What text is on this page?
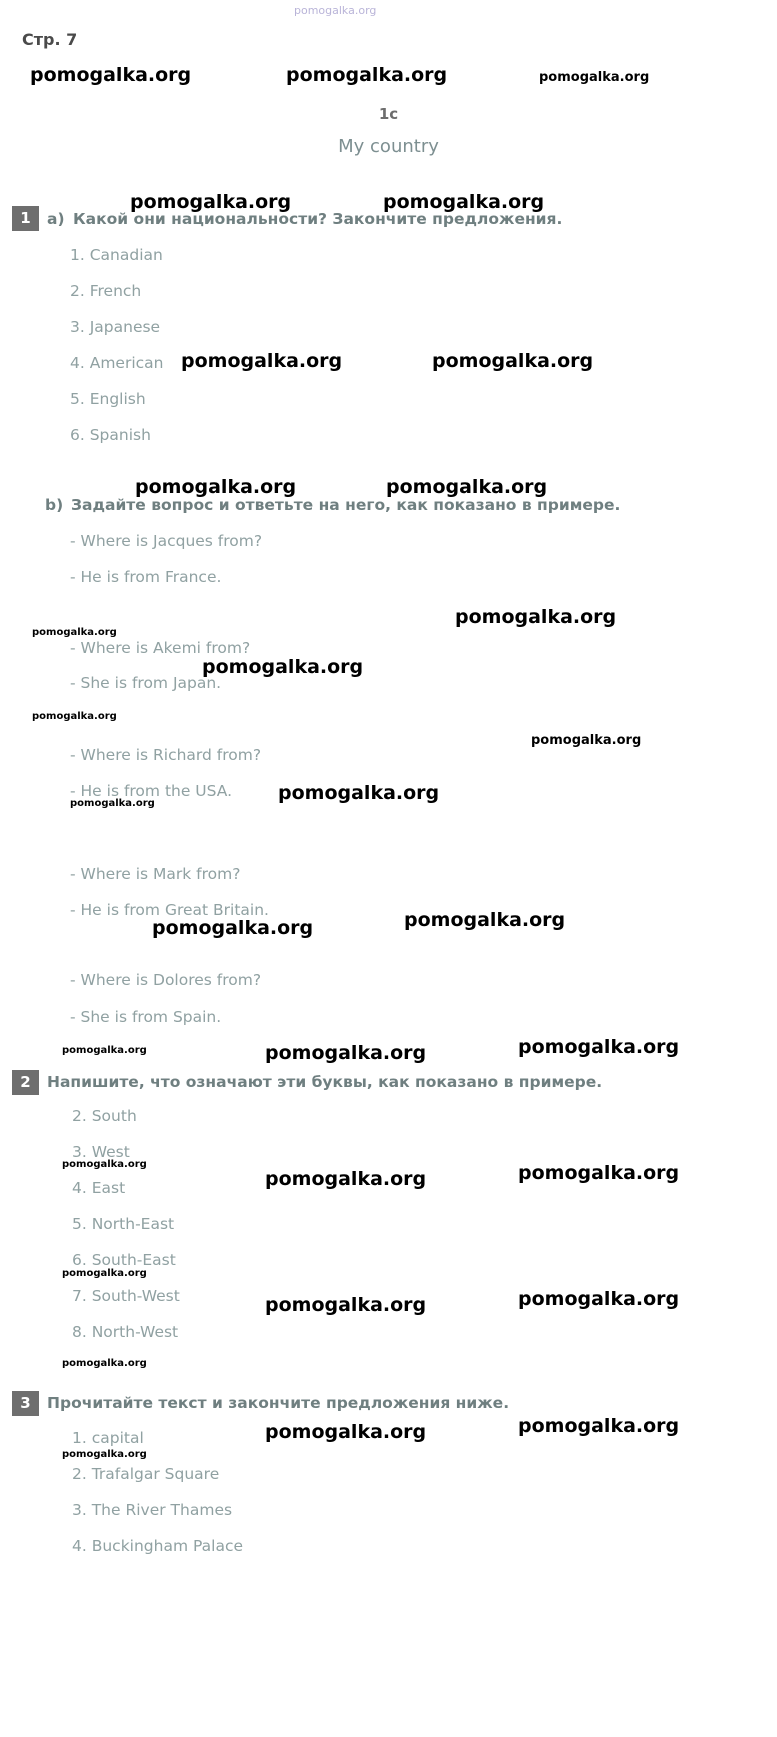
pomogalka.org
pomogalka.org	pomogalka.org	pomogalka.org
pomogalka.org	pomogalka.org
pomogalka.org	pomogalka.org
pomogalka.org	pomogalka.org
pomogalka.org
pomogalka.org
pomogalka.org
pomogalka.org
pomogalka.org
pomogalka.org
pomogalka.org
pomogalka.org
pomogalka.org
pomogalka.org	pomogalka.org	pomogalka.org
pomogalka.org
pomogalka.org	pomogalka.org
pomogalka.org
pomogalka.org	pomogalka.org
pomogalka.org
pomogalka.org	pomogalka.org
pomogalka.org
Стр. 7
1c
My country
1	a) Какой они национальности? Закончите предложения.
1. Canadian
2. French
3. Japanese
4. American
5. English
6. Spanish
b) Задайте вопрос и ответьте на него, как показано в примере.
- Where is Jacques from?
- He is from France.
- Where is Akemi from?
- She is from Japan.
- Where is Richard from?
- He is from the USA.
- Where is Mark from?
- He is from Great Britain.
- Where is Dolores from?
- She is from Spain.
2	Напишите, что означают эти буквы, как показано в примере.
2. South
3. West
4. East
5. North-East
6. South-East
7. South-West
8. North-West
3	Прочитайте текст и закончите предложения ниже.
1. capital
2. Trafalgar Square
3. The River Thames
4. Buckingham Palace
